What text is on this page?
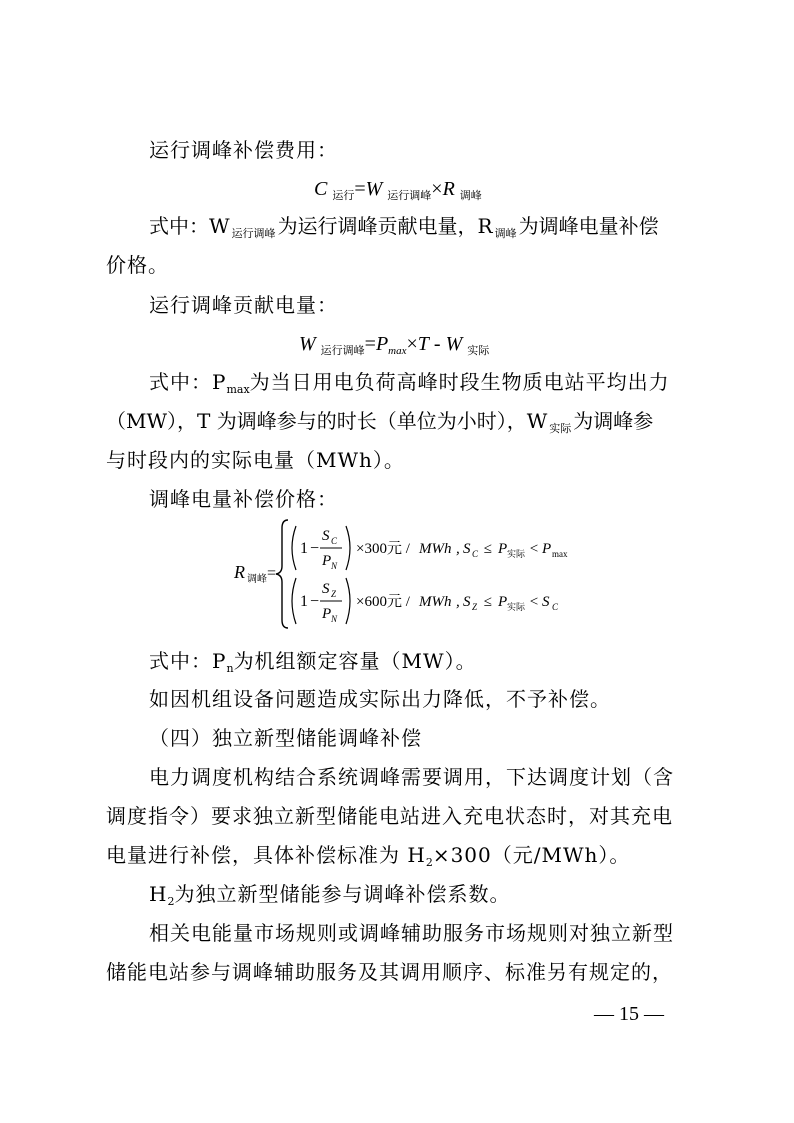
运行调峰补偿费用：
C $_{运行}$=W $_{运行调峰}$×R $_{调峰}$
式中：W $_{运行调峰}$ 为运行调峰贡献电量，R $_{调峰}$ 为调峰电量补偿
价格。
运行调峰贡献电量：
W $_{运行调峰}=P_{max}\times T - W$ $_{实际}$
式中：$P_{max}$为当日用电负荷高峰时段生物质电站平均出力
（MW），T 为调峰参与的时长（单位为小时），W $_{实际}$ 为调峰参
与时段内的实际电量（MWh）。
调峰电量补偿价格：
R 调峰 =
1 −
S C
P N
×300元 / MWh , S C ≤ P 实际 < P max
1 −
S Z
P N
×600元 / MWh , S Z ≤ P 实际 < S C
式中：$P_n$为机组额定容量（MW）。
如因机组设备问题造成实际出力降低，不予补偿。
（四）独立新型储能调峰补偿
电力调度机构结合系统调峰需要调用，下达调度计划（含
调度指令）要求独立新型储能电站进入充电状态时，对其充电
电量进行补偿，具体补偿标准为 $H_2\times 300$（元/MWh）。
$H_2$为独立新型储能参与调峰补偿系数。
相关电能量市场规则或调峰辅助服务市场规则对独立新型
储能电站参与调峰辅助服务及其调用顺序、标准另有规定的，
— 15 —
